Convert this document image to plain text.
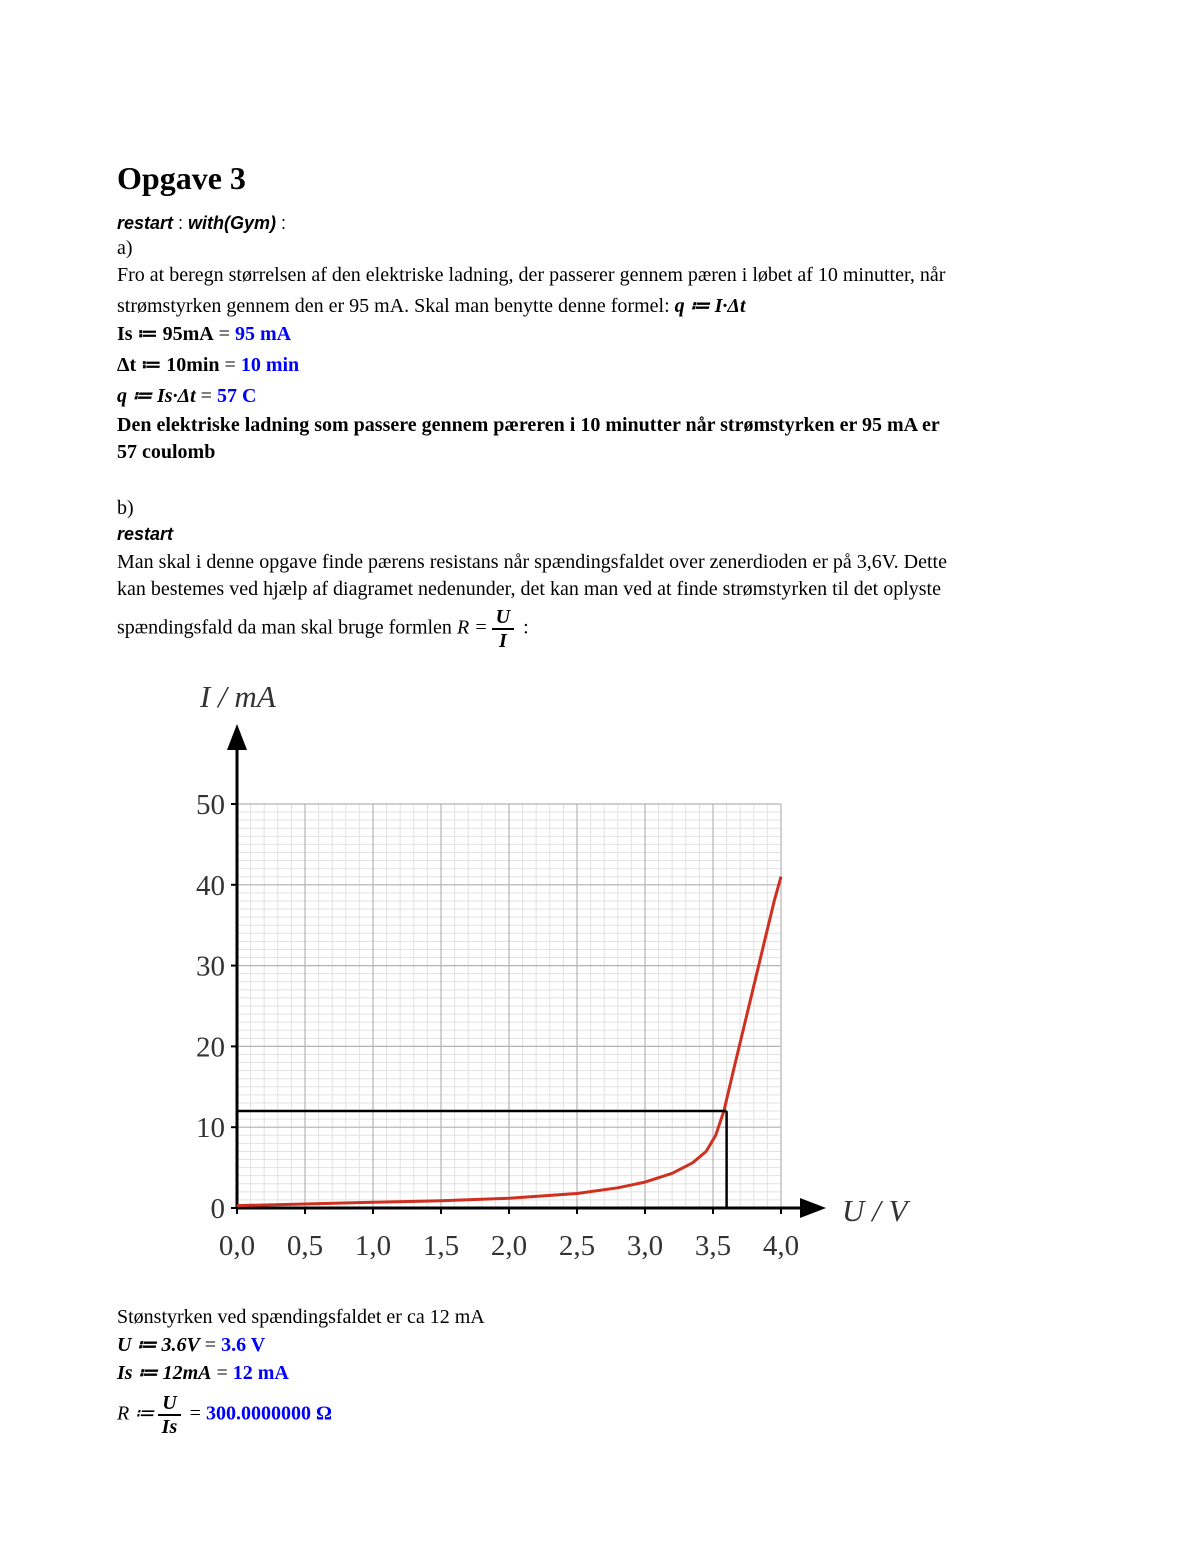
Opgave 3
restart : with(Gym) :
a)
Fro at beregn størrelsen af den elektriske ladning, der passerer gennem pæren i løbet af 10 minutter, når
strømstyrken gennem den er 95 mA. Skal man benytte denne formel: q ≔ I·Δt
Is ≔ 95mA = 95 mA
Δt ≔ 10min = 10 min
q ≔ Is·Δt = 57 C
Den elektriske ladning som passere gennem pæreren i 10 minutter når strømstyrken er 95 mA er
57 coulomb
b)
restart
Man skal i denne opgave finde pærens resistans når spændingsfaldet over zenerdioden er på 3,6V. Dette
kan bestemes ved hjælp af diagramet nedenunder, det kan man ved at finde strømstyrken til det oplyste
spændingsfald da man skal bruge formlen $R = \frac{U}{I}$ :
0,0 0,5 1,0 1,5 2,0 2,5 3,0 3,5 4,0
0
10
20
30
40
50
I / mA
U / V
Stønstyrken ved spændingsfaldet er ca 12 mA
U ≔ 3.6V = 3.6 V
Is ≔ 12mA = 12 mA
R ≔ $\frac{U}{Is} = 300.0000000$ Ω
